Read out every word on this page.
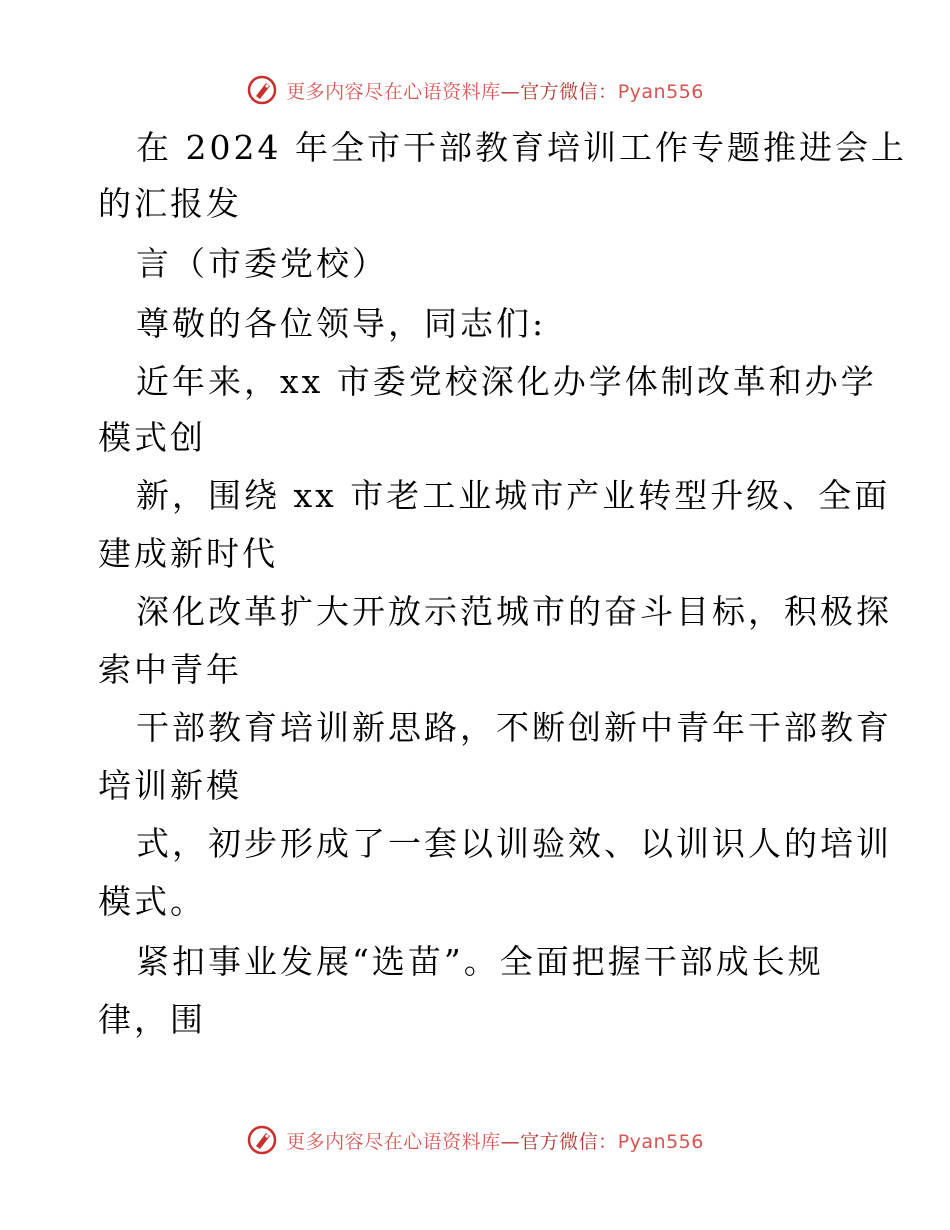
更多内容尽在心语资料库—官方微信：Pyan556
在 2024 年全市干部教育培训工作专题推进会上
的汇报发
言（市委党校）
尊敬的各位领导，同志们:
近年来，xx 市委党校深化办学体制改革和办学
模式创
新，围绕 xx 市老工业城市产业转型升级、全面
建成新时代
深化改革扩大开放示范城市的奋斗目标，积极探
索中青年
干部教育培训新思路，不断创新中青年干部教育
培训新模
式，初步形成了一套以训验效、以训识人的培训
模式。
紧扣事业发展“选苗”。全面把握干部成长规
律，围
更多内容尽在心语资料库—官方微信：Pyan556
